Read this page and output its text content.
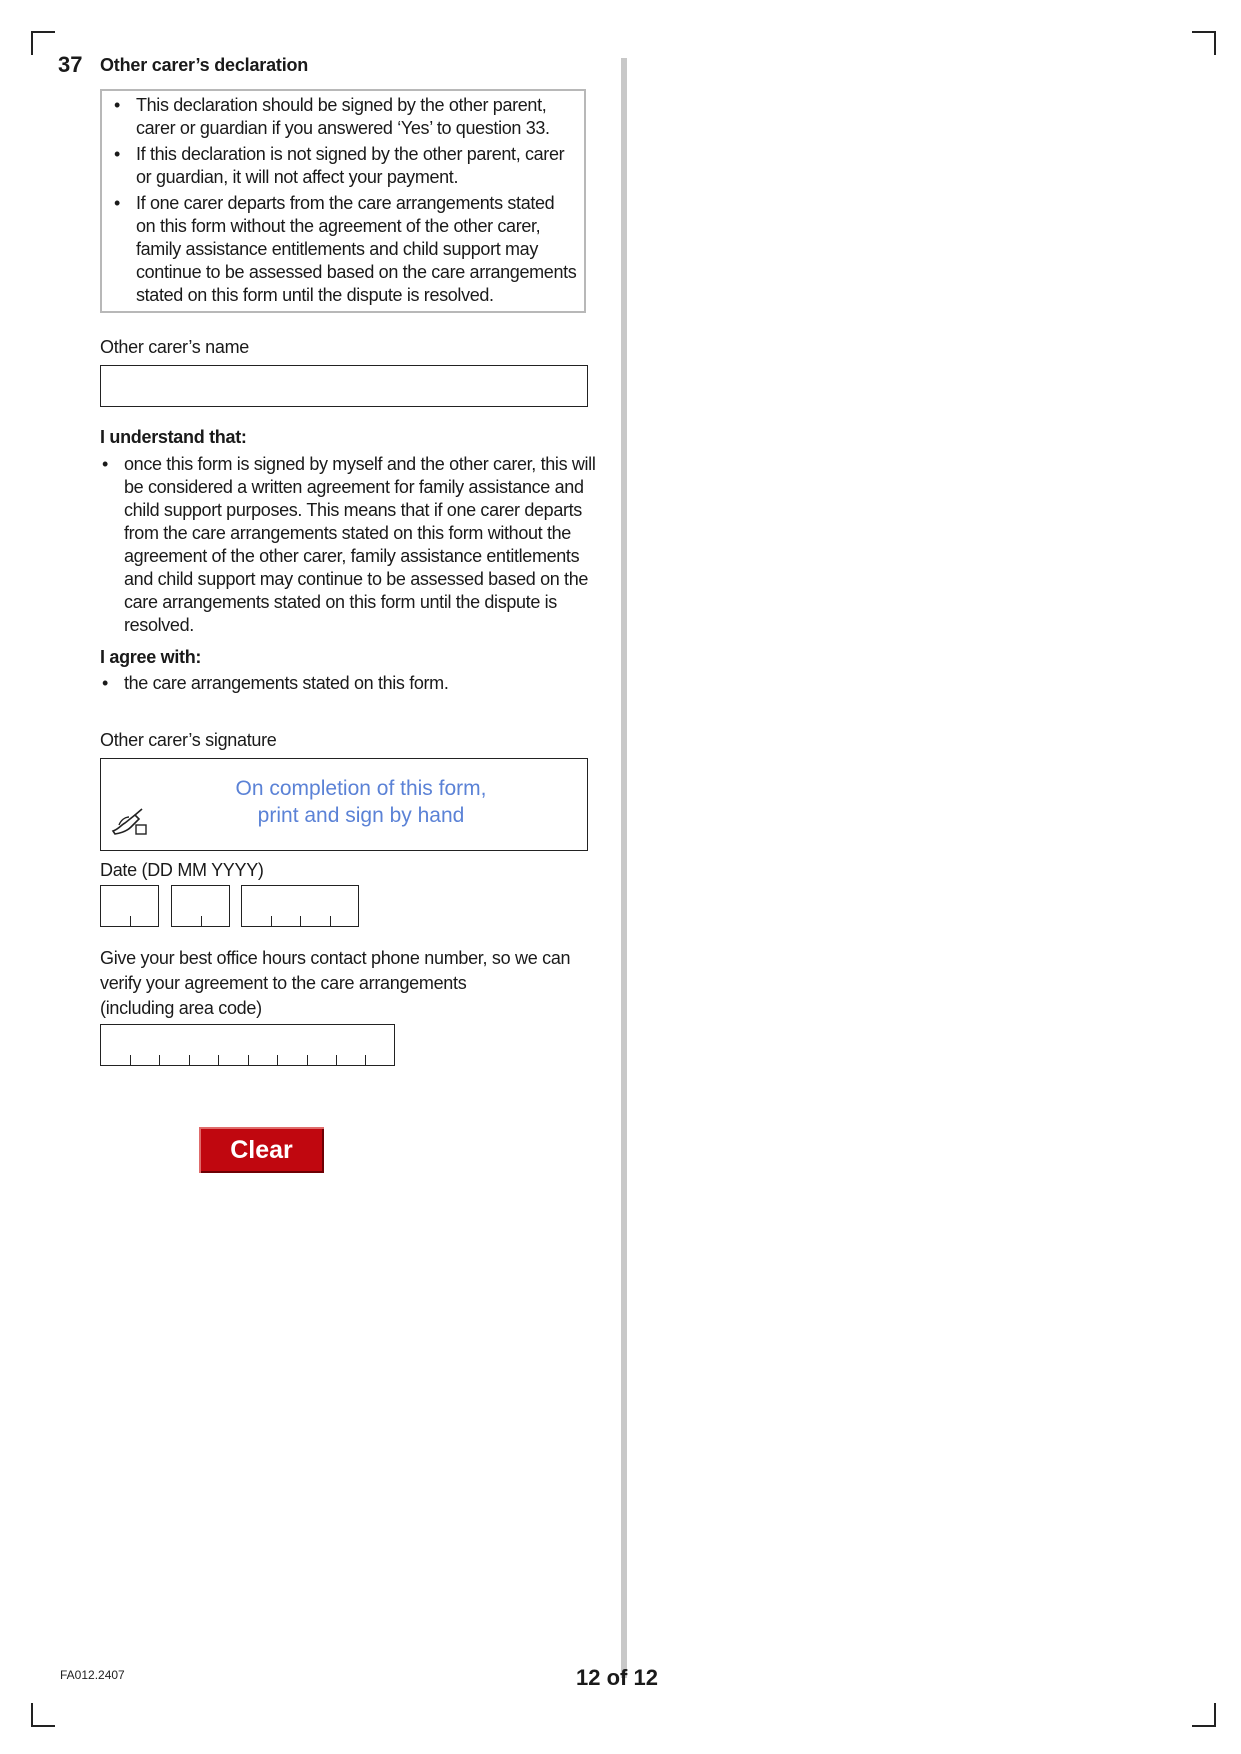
37 Other carer’s declaration
• This declaration should be signed by the other parent, carer or guardian if you answered ‘Yes’ to question 33.
• If this declaration is not signed by the other parent, carer or guardian, it will not affect your payment.
• If one carer departs from the care arrangements stated on this form without the agreement of the other carer, family assistance entitlements and child support may continue to be assessed based on the care arrangements stated on this form until the dispute is resolved.
Other carer’s name
I understand that:
• once this form is signed by myself and the other carer, this will be considered a written agreement for family assistance and child support purposes. This means that if one carer departs from the care arrangements stated on this form without the agreement of the other carer, family assistance entitlements and child support may continue to be assessed based on the care arrangements stated on this form until the dispute is resolved.
I agree with:
• the care arrangements stated on this form.
Other carer’s signature
On completion of this form,
print and sign by hand
Date (DD MM YYYY)
Give your best office hours contact phone number, so we can
verify your agreement to the care arrangements
(including area code)
Clear
FA012.2407	12 of 12
